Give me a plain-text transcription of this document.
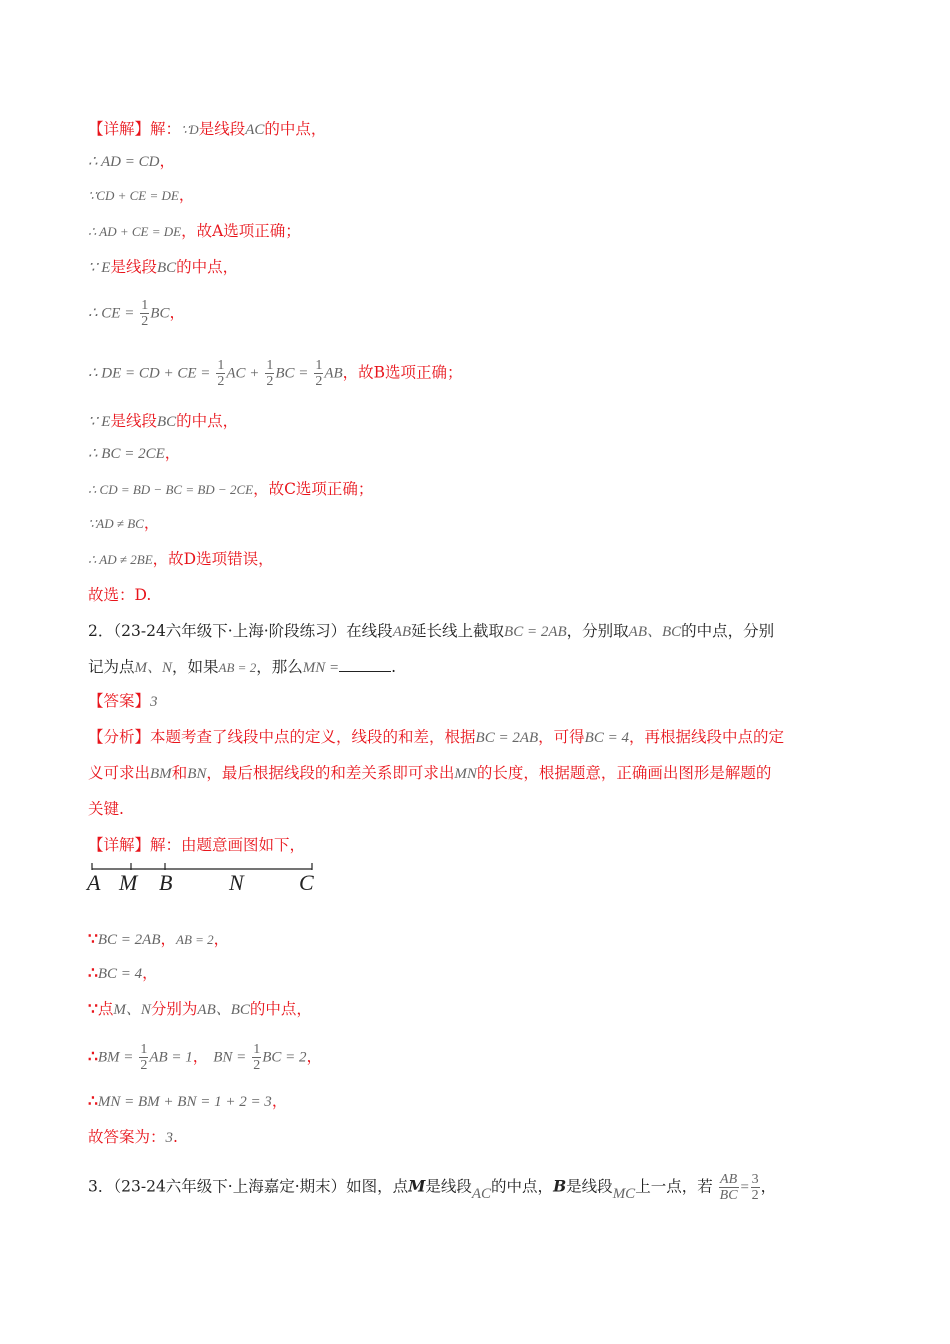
【详解】解：∵D是线段AC的中点，
∴ AD = CD，
∵CD + CE = DE，
∴ AD + CE = DE，故A选项正确；
∵ E是线段BC的中点，
∴ CE = $\frac{1}{2}$ BC，
∴ DE = CD + CE = $\frac{1}{2}$ AC + $\frac{1}{2}$ BC = $\frac{1}{2}$ AB，故B选项正确；
∵ E是线段BC的中点，
∴ BC = 2CE，
∴ CD = BD − BC = BD − 2CE，故C选项正确；
∵AD ≠ BC，
∴ AD ≠ 2BE，故D选项错误，
故选：D.
2．（23-24六年级下·上海·阶段练习）在线段AB延长线上截取BC = 2AB，分别取AB、BC的中点，分别
记为点M、N，如果AB = 2，那么MN =	.
【答案】3
【分析】本题考查了线段中点的定义，线段的和差，根据BC = 2AB，可得BC = 4，再根据线段中点的定
义可求出BM和BN，最后根据线段的和差关系即可求出MN的长度，根据题意，正确画出图形是解题的
关键.
【详解】解：由题意画图如下，
A M B	N	C
∵BC = 2AB，AB = 2，
∴BC = 4，
∵点M、N分别为AB、BC的中点，
∴BM = $\frac{1}{2}$ AB = 1， BN = $\frac{1}{2}$ BC = 2，
∴MN = BM + BN = 1 + 2 = 3，
故答案为：3.
3．（23-24六年级下·上海嘉定·期末）如图，点M是线段AC的中点，B是线段MC上一点，若 $\frac{AB}{BC} = \frac{3}{2}$ ，
